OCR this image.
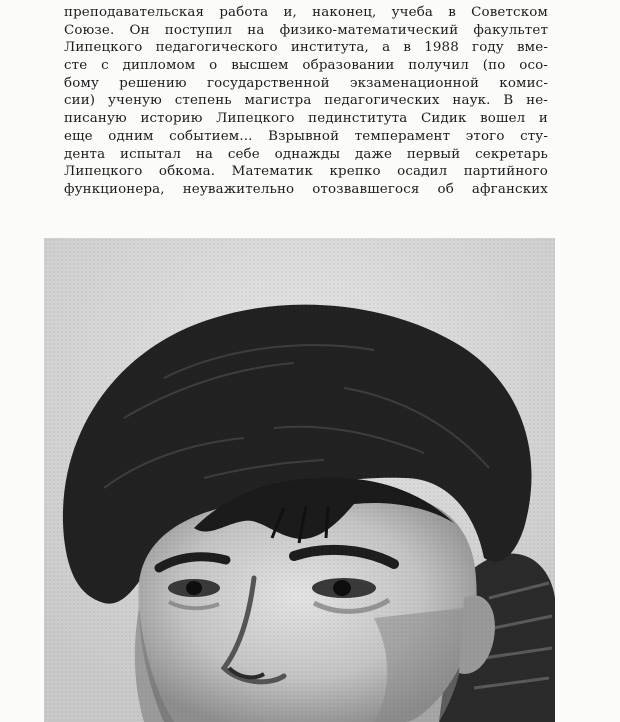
преподавательская работа и, наконец, учеба в Советском
Союзе. Он поступил на физико-математический факультет
Липецкого педагогического института, а в 1988 году вме-
сте с дипломом о высшем образовании получил (по осо-
бому решению государственной экзаменационной комис-
сии) ученую степень магистра педагогических наук. В не-
писаную историю Липецкого пединститута Сидик вошел и
еще одним событием... Взрывной темперамент этого сту-
дента испытал на себе однажды даже первый секретарь
Липецкого обкома. Математик крепко осадил партийного
функционера, неуважительно отозвавшегося об афганских
